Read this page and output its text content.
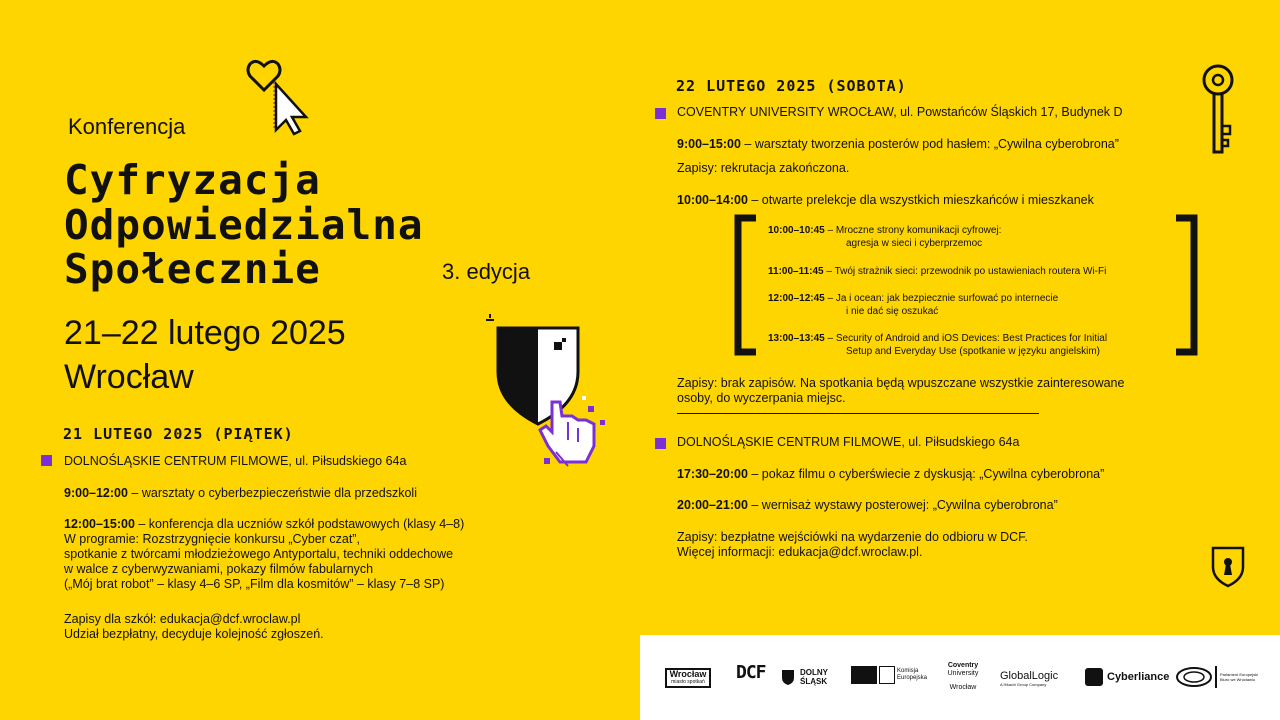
Konferencja
Cyfryzacja
Odpowiedzialna
Społecznie	3. edycja
21–22 lutego 2025
Wrocław
21 LUTEGO 2025 (PIĄTEK)
DOLNOŚLĄSKIE CENTRUM FILMOWE, ul. Piłsudskiego 64a
9:00–12:00 – warsztaty o cyberbezpieczeństwie dla przedszkoli
12:00–15:00 – konferencja dla uczniów szkół podstawowych (klasy 4–8)
W programie: Rozstrzygnięcie konkursu „Cyber czat”,
spotkanie z twórcami młodzieżowego Antyportalu, techniki oddechowe
w walce z cyberwyzwaniami, pokazy filmów fabularnych
(„Mój brat robot” – klasy 4–6 SP, „Film dla kosmitów” – klasy 7–8 SP)
Zapisy dla szkół: edukacja@dcf.wroclaw.pl
Udział bezpłatny, decyduje kolejność zgłoszeń.
22 LUTEGO 2025 (SOBOTA)
COVENTRY UNIVERSITY WROCŁAW, ul. Powstańców Śląskich 17, Budynek D
9:00–15:00 – warsztaty tworzenia posterów pod hasłem: „Cywilna cyberobrona”
Zapisy: rekrutacja zakończona.
10:00–14:00 – otwarte prelekcje dla wszystkich mieszkańców i mieszkanek
10:00–10:45 – Mroczne strony komunikacji cyfrowej:
agresja w sieci i cyberprzemoc
11:00–11:45 – Twój strażnik sieci: przewodnik po ustawieniach routera Wi-Fi
12:00–12:45 – Ja i ocean: jak bezpiecznie surfować po internecie
i nie dać się oszukać
13:00–13:45 – Security of Android and iOS Devices: Best Practices for Initial
Setup and Everyday Use (spotkanie w języku angielskim)
Zapisy: brak zapisów. Na spotkania będą wpuszczane wszystkie zainteresowane
osoby, do wyczerpania miejsc.
DOLNOŚLĄSKIE CENTRUM FILMOWE, ul. Piłsudskiego 64a
17:30–20:00 – pokaz filmu o cyberświecie z dyskusją: „Cywilna cyberobrona”
20:00–21:00 – wernisaż wystawy posterowej: „Cywilna cyberobrona”
Zapisy: bezpłatne wejściówki na wydarzenie do odbioru w DCF.
Więcej informacji: edukacja@dcf.wroclaw.pl.
Wrocław
miasto spotkań DCF	DOLNY
ŚLĄSK
Komisja
Europejska
Coventry
University
Wrocław
GlobalLogic
A Hitachi Group Company
Cyberliance	Parlament Europejski
Biuro we Wrocławiu
